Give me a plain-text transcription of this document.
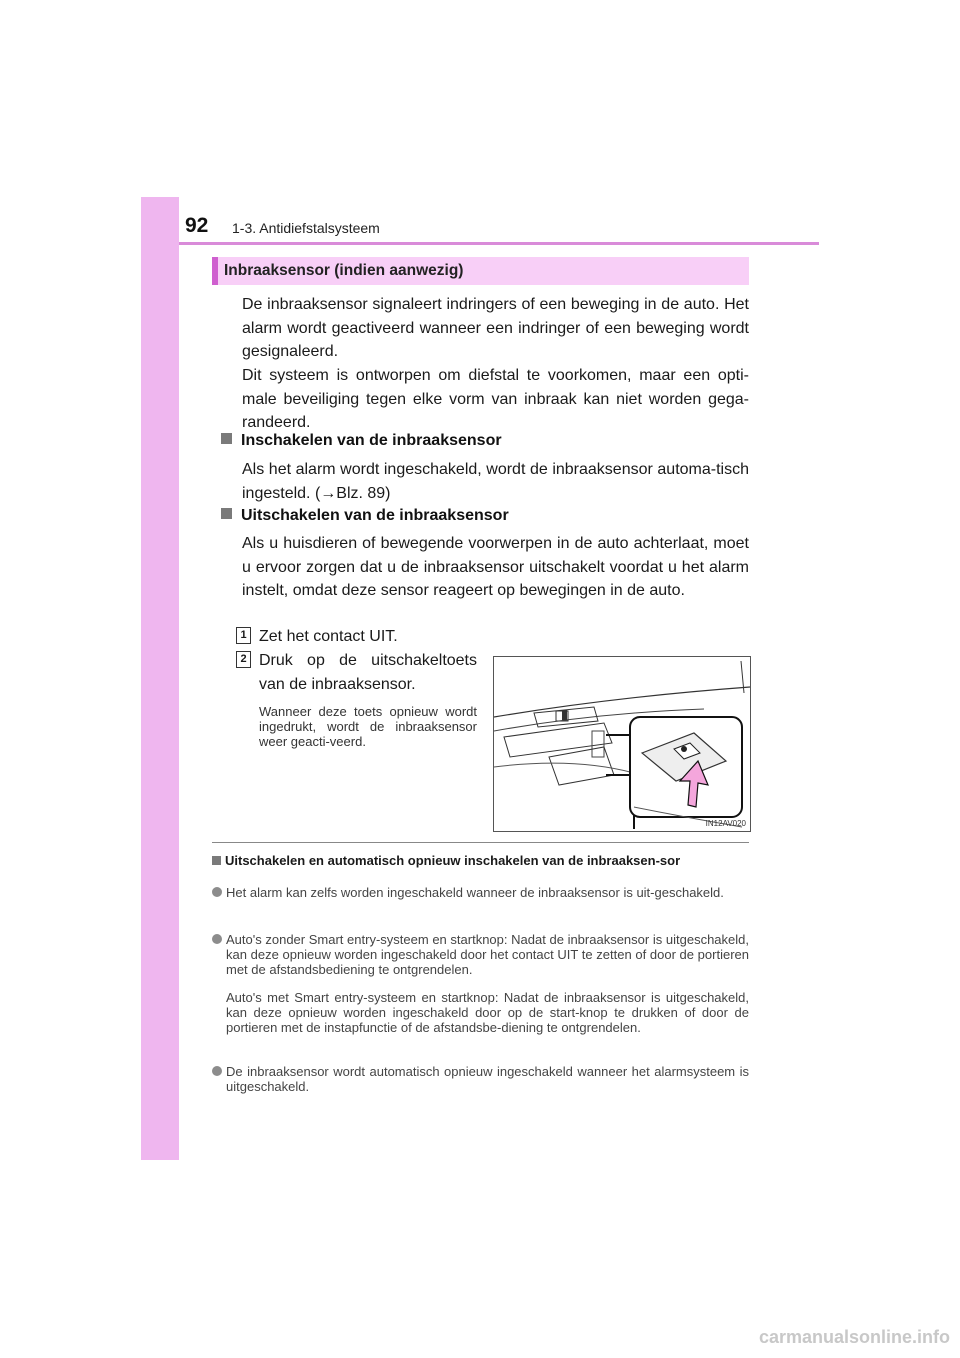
92 1-3. Antidiefstalsysteem
Inbraaksensor (indien aanwezig)

De inbraaksensor signaleert indringers of een beweging in de auto. Het alarm wordt geactiveerd wanneer een indringer of een beweging wordt gesignaleerd.

Dit systeem is ontworpen om diefstal te voorkomen, maar een opti-male beveiliging tegen elke vorm van inbraak kan niet worden gega-randeerd.

Inschakelen van de inbraaksensor

Als het alarm wordt ingeschakeld, wordt de inbraaksensor automa-tisch ingesteld. (→Blz. 89)

Uitschakelen van de inbraaksensor

Als u huisdieren of bewegende voorwerpen in de auto achterlaat, moet u ervoor zorgen dat u de inbraaksensor uitschakelt voordat u het alarm instelt, omdat deze sensor reageert op bewegingen in de auto.

1 Zet het contact UIT.
2 Druk op de uitschakeltoets van de inbraaksensor.
Wanneer deze toets opnieuw wordt ingedrukt, wordt de inbraaksensor weer geacti-veerd.
IN12AV020
Uitschakelen en automatisch opnieuw inschakelen van de inbraaksen-sor
Het alarm kan zelfs worden ingeschakeld wanneer de inbraaksensor is uit-geschakeld.
Auto's zonder Smart entry-systeem en startknop: Nadat de inbraaksensor is uitgeschakeld, kan deze opnieuw worden ingeschakeld door het contact UIT te zetten of door de portieren met de afstandsbediening te ontgrendelen.
Auto's met Smart entry-systeem en startknop: Nadat de inbraaksensor is uitgeschakeld, kan deze opnieuw worden ingeschakeld door op de start-knop te drukken of door de portieren met de instapfunctie of de afstandsbe-diening te ontgrendelen.
De inbraaksensor wordt automatisch opnieuw ingeschakeld wanneer het alarmsysteem is uitgeschakeld.
carmanualsonline.info
